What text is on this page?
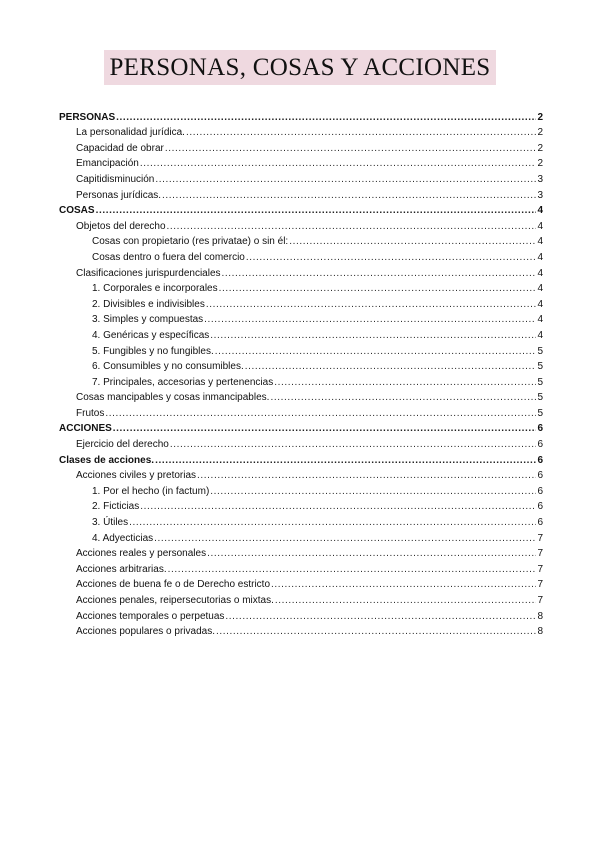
PERSONAS, COSAS Y ACCIONES
PERSONAS .....	2
La personalidad jurídica. .....	2
Capacidad de obrar .....	2
Emancipación .....	2
Capitidisminución .....	3
Personas jurídicas. .....	3
COSAS .....	4
Objetos del derecho .....	4
Cosas con propietario (res privatae) o sin él: .....	4
Cosas dentro o fuera del comercio .....	4
Clasificaciones jurispurdenciales .....	4
1. Corporales e incorporales .....	4
2. Divisibles e indivisibles .....	4
3. Simples y compuestas .....	4
4. Genéricas y específicas .....	4
5. Fungibles y no fungibles. .....	5
6. Consumibles y no consumibles. .....	5
7. Principales, accesorias y pertenencias .....	5
Cosas mancipables y cosas inmancipables. .....	5
Frutos .....	5
ACCIONES .....	6
Ejercicio del derecho .....	6
Clases de acciones. .....	6
Acciones civiles y pretorias .....	6
1. Por el hecho (in factum) .....	6
2. Ficticias .....	6
3. Útiles .....	6
4. Adyecticias .....	7
Acciones reales y personales .....	7
Acciones arbitrarias. .....	7
Acciones de buena fe o de Derecho estricto .....	7
Acciones penales, reipersecutorias o mixtas. .....	7
Acciones temporales o perpetuas .....	8
Acciones populares o privadas. .....	8
